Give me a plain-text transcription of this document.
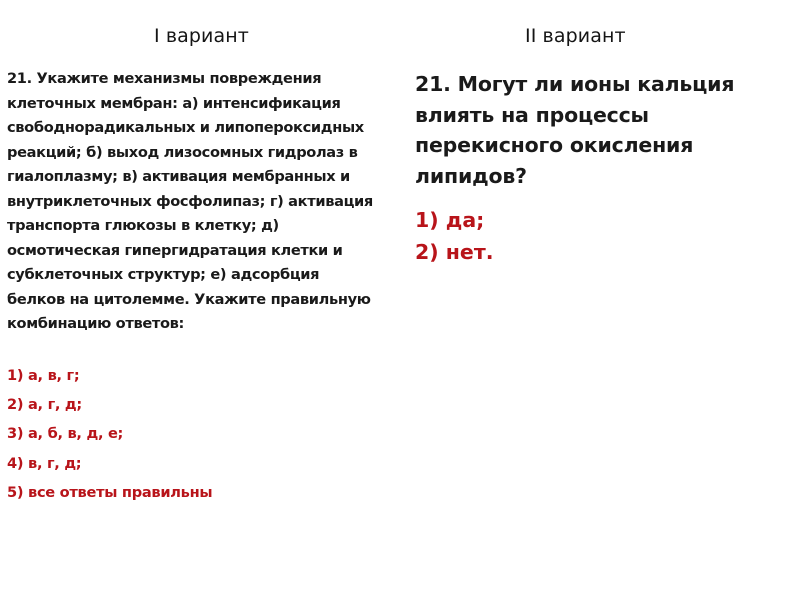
I вариант

21. Укажите механизмы повреждения клеточных мембран: а) интенсификация свободнорадикальных и липопероксидных реакций; б) выход лизосомных гидролаз в гиалоплазму; в) активация мембранных и внутриклеточных фосфолипаз; г) активация транспорта глюкозы в клетку; д) осмотическая гипергидратация клетки и субклеточных структур; е) адсорбция белков на цитолемме. Укажите правильную комбинацию ответов:

1) а, в, г;
2) а, г, д;
3) а, б, в, д, е;
4) в, г, д;
5) все ответы правильны
II вариант

21. Могут ли ионы кальция влиять на процессы перекисного окисления липидов?

1) да;
2) нет.
